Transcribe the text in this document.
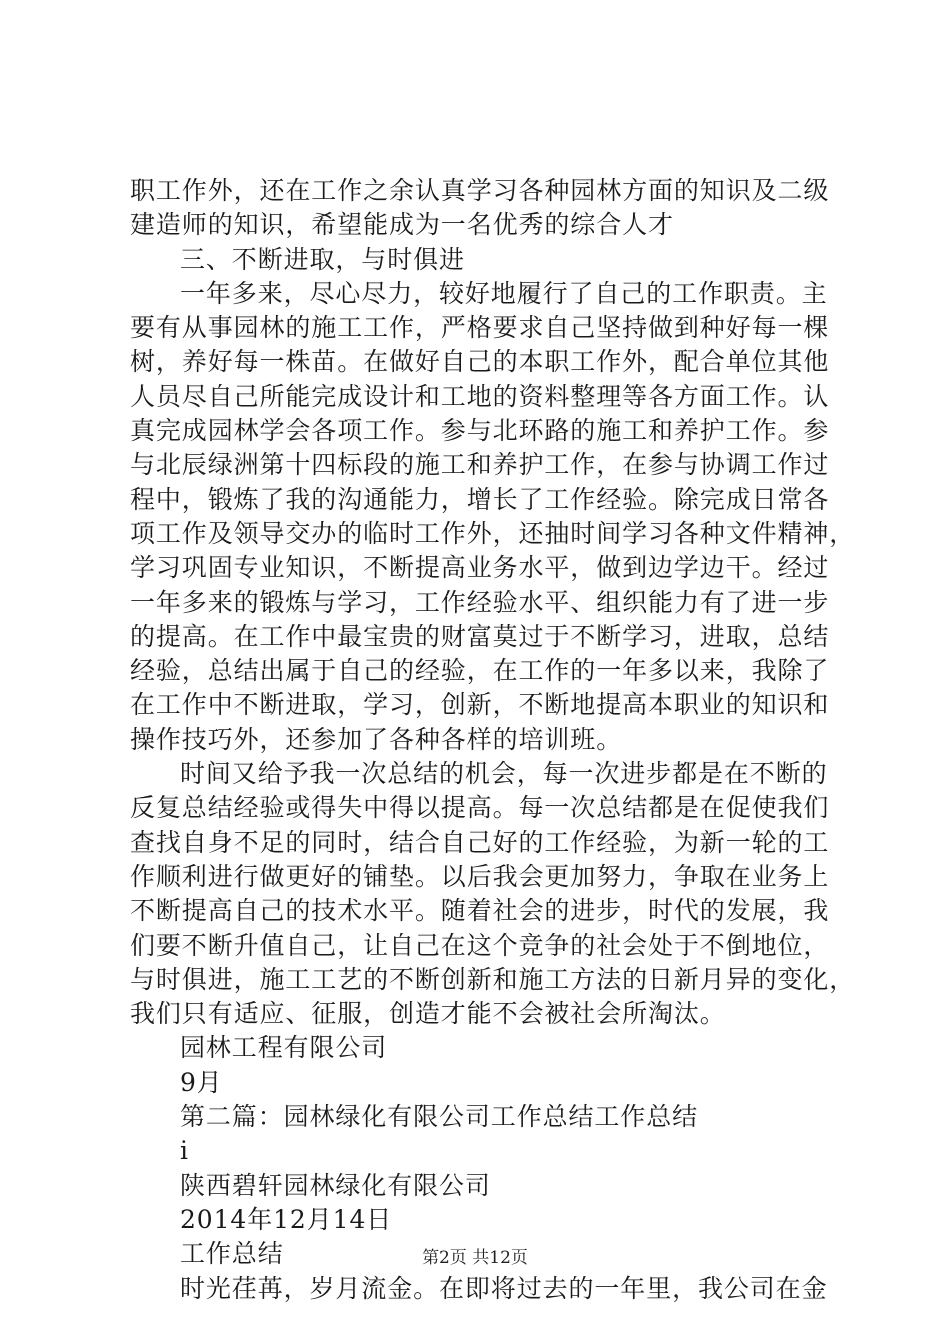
职工作外，还在工作之余认真学习各种园林方面的知识及二级
建造师的知识，希望能成为一名优秀的综合人才
三、不断进取，与时俱进
一年多来，尽心尽力，较好地履行了自己的工作职责。主
要有从事园林的施工工作，严格要求自己坚持做到种好每一棵
树，养好每一株苗。在做好自己的本职工作外，配合单位其他
人员尽自己所能完成设计和工地的资料整理等各方面工作。认
真完成园林学会各项工作。参与北环路的施工和养护工作。参
与北辰绿洲第十四标段的施工和养护工作，在参与协调工作过
程中，锻炼了我的沟通能力，增长了工作经验。除完成日常各
项工作及领导交办的临时工作外，还抽时间学习各种文件精神，
学习巩固专业知识，不断提高业务水平，做到边学边干。经过
一年多来的锻炼与学习，工作经验水平、组织能力有了进一步
的提高。在工作中最宝贵的财富莫过于不断学习，进取，总结
经验，总结出属于自己的经验，在工作的一年多以来，我除了
在工作中不断进取，学习，创新，不断地提高本职业的知识和
操作技巧外，还参加了各种各样的培训班。
时间又给予我一次总结的机会，每一次进步都是在不断的
反复总结经验或得失中得以提高。每一次总结都是在促使我们
查找自身不足的同时，结合自己好的工作经验，为新一轮的工
作顺利进行做更好的铺垫。以后我会更加努力，争取在业务上
不断提高自己的技术水平。随着社会的进步，时代的发展，我
们要不断升值自己，让自己在这个竞争的社会处于不倒地位，
与时俱进，施工工艺的不断创新和施工方法的日新月异的变化，
我们只有适应、征服，创造才能不会被社会所淘汰。
园林工程有限公司
9月
第二篇：园林绿化有限公司工作总结工作总结
i
陕西碧轩园林绿化有限公司
2014年12月14日
工作总结
时光荏苒，岁月流金。在即将过去的一年里，我公司在金
第2页 共12页
